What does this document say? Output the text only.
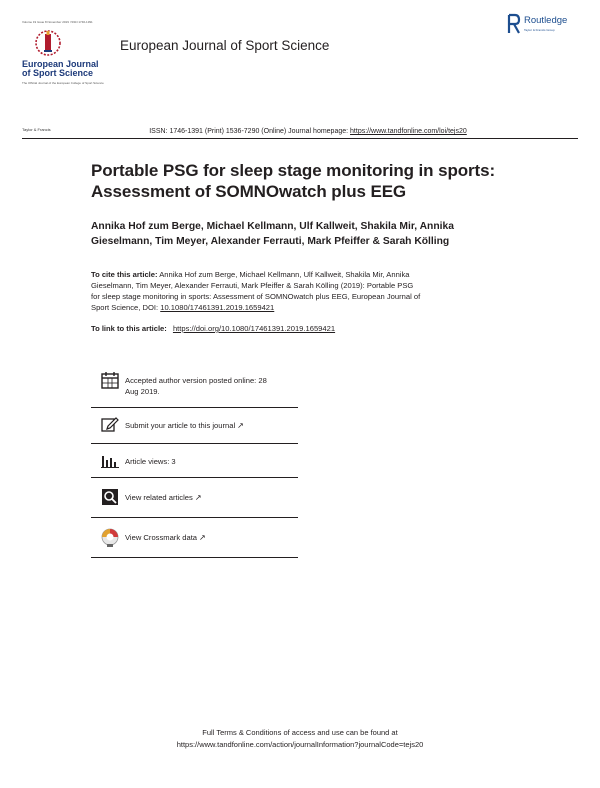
Volume 19 Issue 8 November 2019 ISSN 1746-1391
European Journal
of Sport Science
The Official Journal of the European College of Sport Science
European Journal of Sport Science
Routledge
Taylor & Francis Group
Taylor & Francis	ISSN: 1746-1391 (Print) 1536-7290 (Online) Journal homepage: https://www.tandfonline.com/loi/tejs20
Portable PSG for sleep stage monitoring in sports:
Assessment of SOMNOwatch plus EEG
Annika Hof zum Berge, Michael Kellmann, Ulf Kallweit, Shakila Mir, Annika
Gieselmann, Tim Meyer, Alexander Ferrauti, Mark Pfeiffer & Sarah Kölling
To cite this article: Annika Hof zum Berge, Michael Kellmann, Ulf Kallweit, Shakila Mir, Annika
Gieselmann, Tim Meyer, Alexander Ferrauti, Mark Pfeiffer & Sarah Kölling (2019): Portable PSG
for sleep stage monitoring in sports: Assessment of SOMNOwatch plus EEG, European Journal of
Sport Science, DOI: 10.1080/17461391.2019.1659421
To link to this article: https://doi.org/10.1080/17461391.2019.1659421
Accepted author version posted online: 28
Aug 2019.
Submit your article to this journal ↗
Article views: 3
View related articles ↗
View Crossmark data ↗
Full Terms & Conditions of access and use can be found at
https://www.tandfonline.com/action/journalInformation?journalCode=tejs20
